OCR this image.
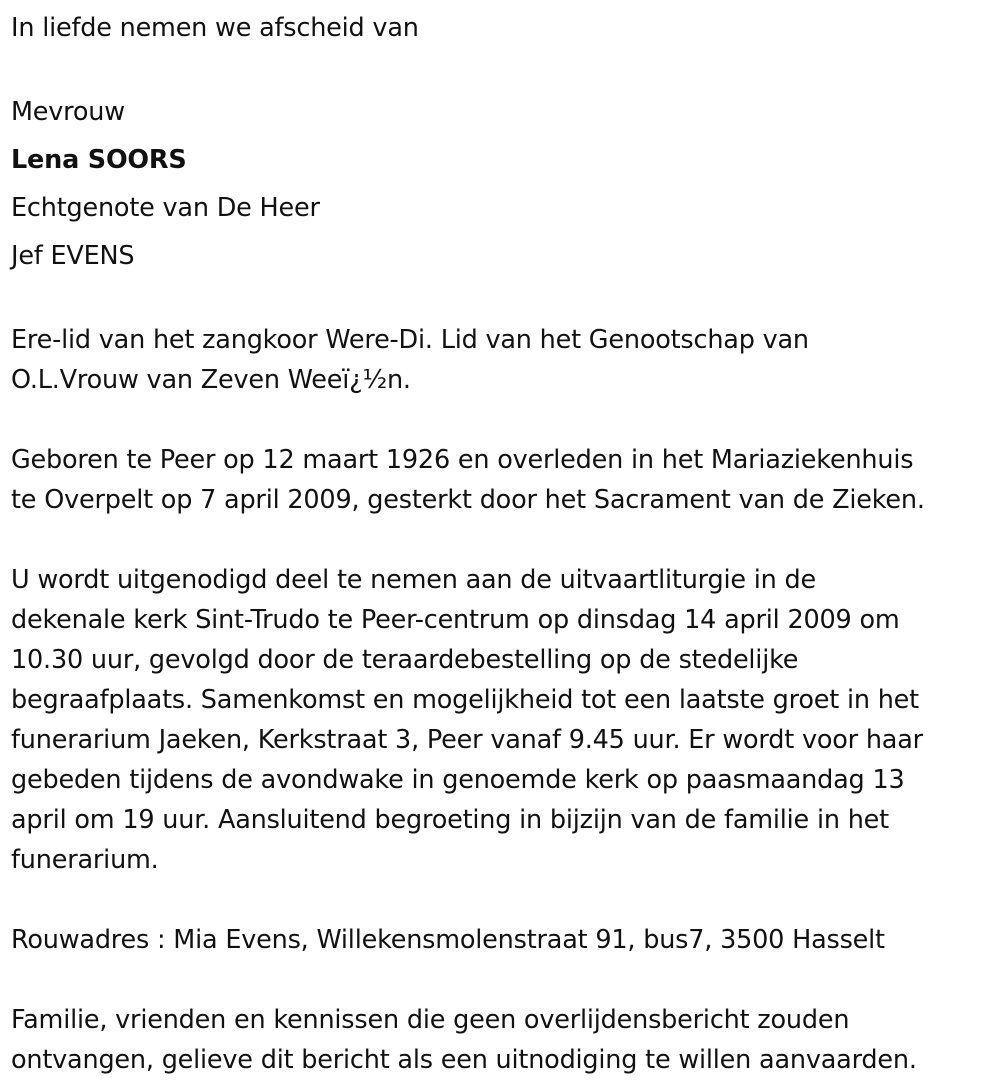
In liefde nemen we afscheid van

Mevrouw

Lena SOORS

Echtgenote van De Heer

Jef EVENS

Ere-lid van het zangkoor Were-Di. Lid van het Genootschap van

O.L.Vrouw van Zeven Weeï¿½n.

Geboren te Peer op 12 maart 1926 en overleden in het Mariaziekenhuis

te Overpelt op 7 april 2009, gesterkt door het Sacrament van de Zieken.

U wordt uitgenodigd deel te nemen aan de uitvaartliturgie in de

dekenale kerk Sint-Trudo te Peer-centrum op dinsdag 14 april 2009 om

10.30 uur, gevolgd door de teraardebestelling op de stedelijke

begraafplaats. Samenkomst en mogelijkheid tot een laatste groet in het

funerarium Jaeken, Kerkstraat 3, Peer vanaf 9.45 uur. Er wordt voor haar

gebeden tijdens de avondwake in genoemde kerk op paasmaandag 13

april om 19 uur. Aansluitend begroeting in bijzijn van de familie in het

funerarium.

Rouwadres : Mia Evens, Willekensmolenstraat 91, bus7, 3500 Hasselt

Familie, vrienden en kennissen die geen overlijdensbericht zouden

ontvangen, gelieve dit bericht als een uitnodiging te willen aanvaarden.
